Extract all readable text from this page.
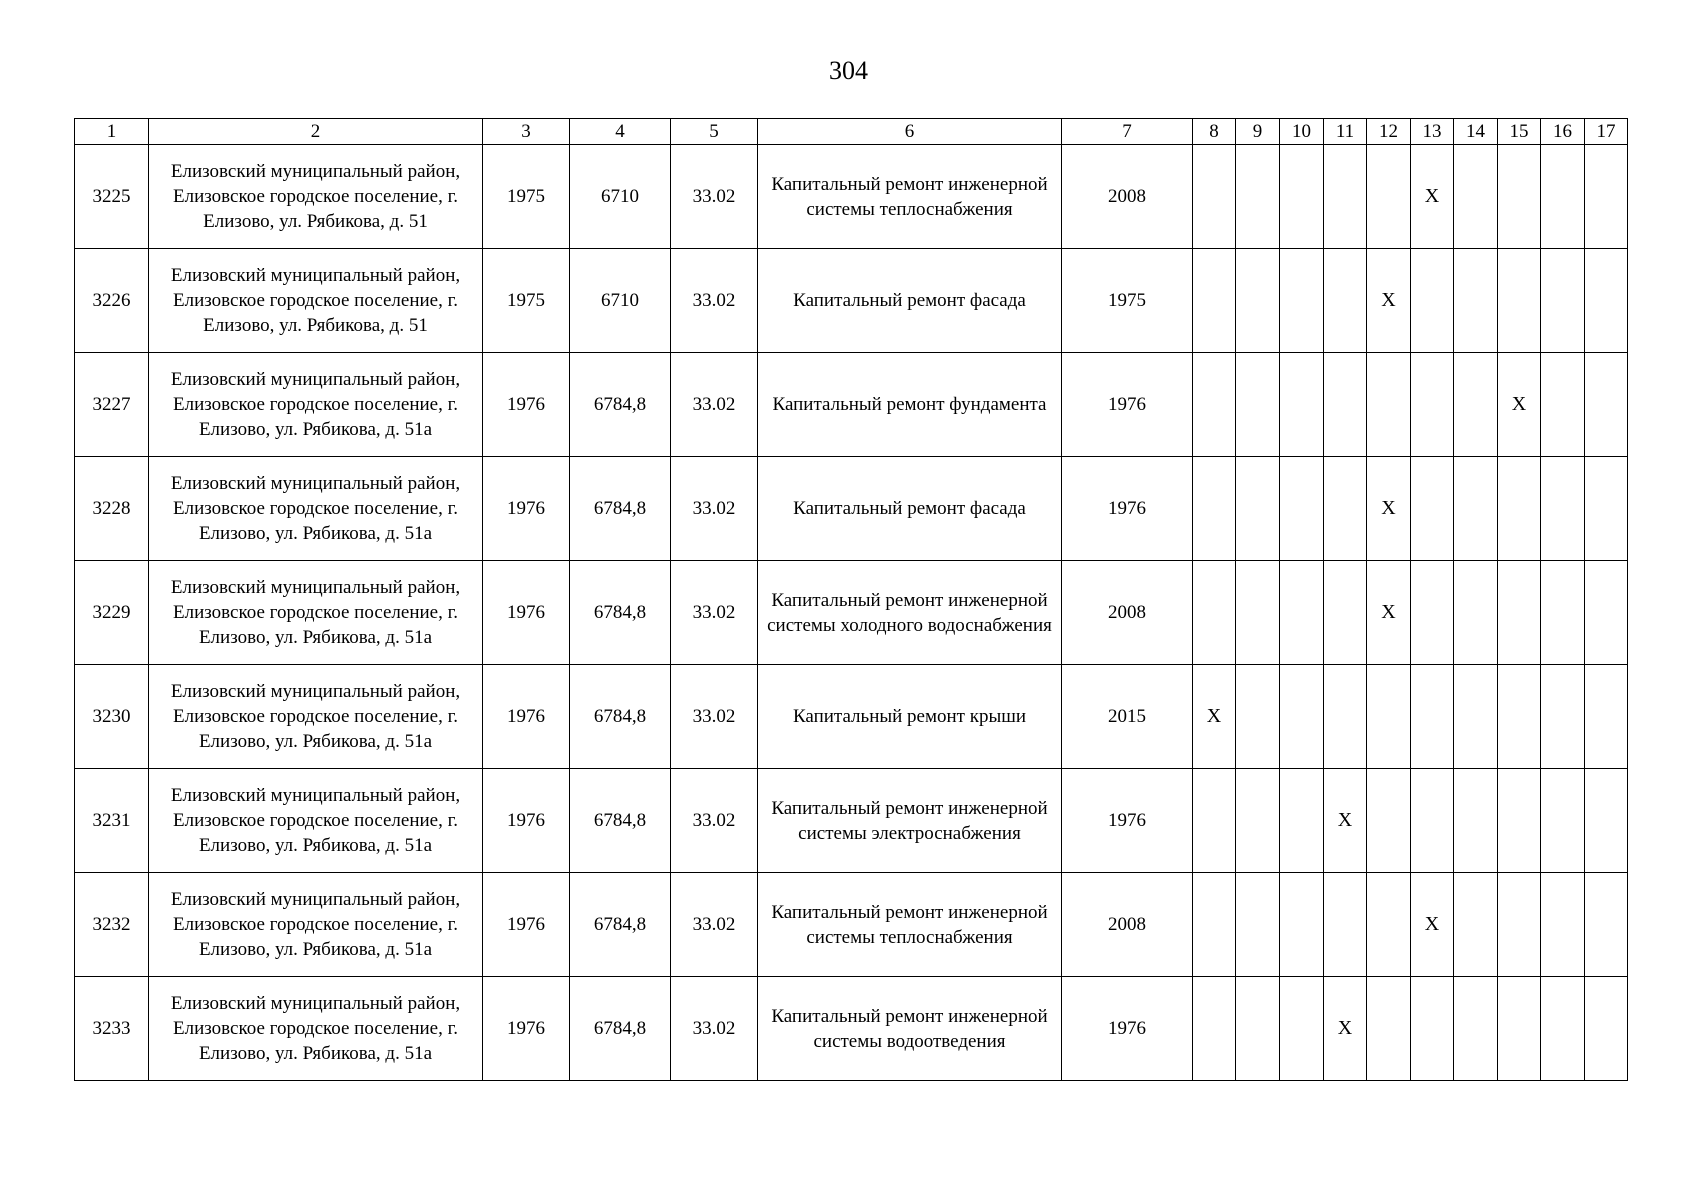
304
1	2	3	4	5	6	7	8	9	10	11	12	13	14	15	16	17
3225	Елизовский муниципальный район, Елизовское городское поселение, г. Елизово, ул. Рябикова, д. 51	1975	6710	33.02	Капитальный ремонт инженерной системы теплоснабжения	2008						X				
3226	Елизовский муниципальный район, Елизовское городское поселение, г. Елизово, ул. Рябикова, д. 51	1975	6710	33.02	Капитальный ремонт фасада	1975					X					
3227	Елизовский муниципальный район, Елизовское городское поселение, г. Елизово, ул. Рябикова, д. 51а	1976	6784,8	33.02	Капитальный ремонт фундамента	1976								X		
3228	Елизовский муниципальный район, Елизовское городское поселение, г. Елизово, ул. Рябикова, д. 51а	1976	6784,8	33.02	Капитальный ремонт фасада	1976					X					
3229	Елизовский муниципальный район, Елизовское городское поселение, г. Елизово, ул. Рябикова, д. 51а	1976	6784,8	33.02	Капитальный ремонт инженерной системы холодного водоснабжения	2008					X					
3230	Елизовский муниципальный район, Елизовское городское поселение, г. Елизово, ул. Рябикова, д. 51а	1976	6784,8	33.02	Капитальный ремонт крыши	2015	X									
3231	Елизовский муниципальный район, Елизовское городское поселение, г. Елизово, ул. Рябикова, д. 51а	1976	6784,8	33.02	Капитальный ремонт инженерной системы электроснабжения	1976				X						
3232	Елизовский муниципальный район, Елизовское городское поселение, г. Елизово, ул. Рябикова, д. 51а	1976	6784,8	33.02	Капитальный ремонт инженерной системы теплоснабжения	2008						X				
3233	Елизовский муниципальный район, Елизовское городское поселение, г. Елизово, ул. Рябикова, д. 51а	1976	6784,8	33.02	Капитальный ремонт инженерной системы водоотведения	1976				X						
